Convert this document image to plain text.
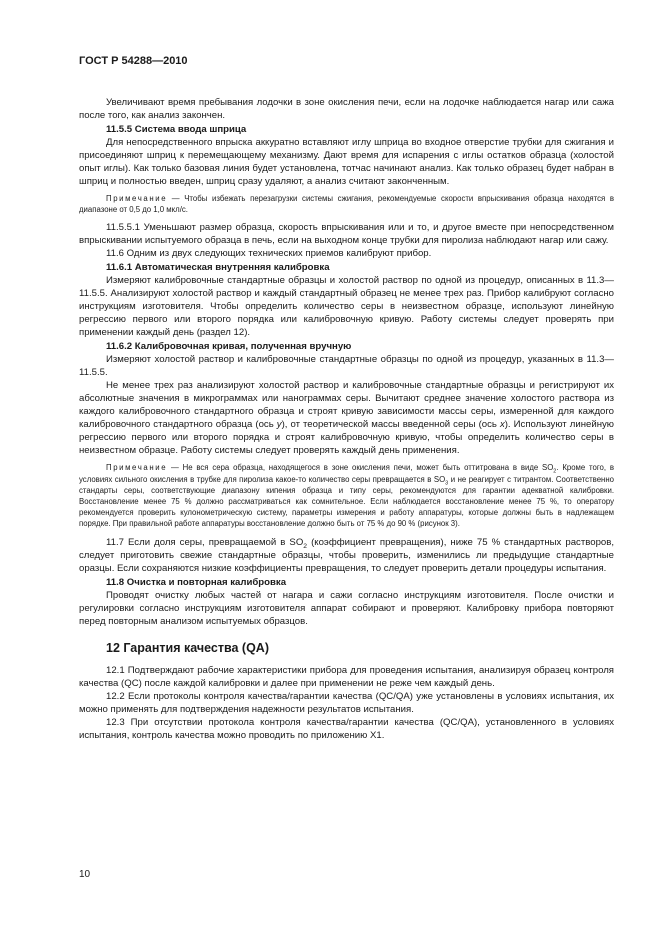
ГОСТ Р 54288—2010

Увеличивают время пребывания лодочки в зоне окисления печи, если на лодочке наблюдается нагар или сажа после того, как анализ закончен.

11.5.5 Система ввода шприца

Для непосредственного впрыска аккуратно вставляют иглу шприца во входное отверстие трубки для сжигания и присоединяют шприц к перемещающему механизму. Дают время для испарения с иглы остатков образца (холостой опыт иглы). Как только базовая линия будет установлена, тотчас начинают анализ. Как только образец будет набран в шприц и полностью введен, шприц сразу удаляют, а анализ считают законченным.

Примечание — Чтобы избежать перезагрузки системы сжигания, рекомендуемые скорости впрыскивания образца находятся в диапазоне от 0,5 до 1,0 мкл/с.

11.5.5.1 Уменьшают размер образца, скорость впрыскивания или и то, и другое вместе при непосредственном впрыскивании испытуемого образца в печь, если на выходном конце трубки для пиролиза наблюдают нагар или сажу.

11.6 Одним из двух следующих технических приемов калибруют прибор.

11.6.1 Автоматическая внутренняя калибровка

Измеряют калибровочные стандартные образцы и холостой раствор по одной из процедур, описанных в 11.3—11.5.5. Анализируют холостой раствор и каждый стандартный образец не менее трех раз. Прибор калибруют согласно инструкциям изготовителя. Чтобы определить количество серы в неизвестном образце, используют линейную регрессию первого или второго порядка или калибровочную кривую. Работу системы следует проверять при применении каждый день (раздел 12).

11.6.2 Калибровочная кривая, полученная вручную

Измеряют холостой раствор и калибровочные стандартные образцы по одной из процедур, указанных в 11.3—11.5.5.

Не менее трех раз анализируют холостой раствор и калибровочные стандартные образцы и регистрируют их абсолютные значения в микрограммах или нанограммах серы. Вычитают среднее значение холостого раствора из каждого калибровочного стандартного образца и строят кривую зависимости массы серы, измеренной для каждого калибровочного стандартного образца (ось у), от теоретической массы введенной серы (ось х). Используют линейную регрессию первого или второго порядка и строят калибровочную кривую, чтобы определить количество серы в неизвестном образце. Работу системы следует проверять каждый день применения.

Примечание — Не вся сера образца, находящегося в зоне окисления печи, может быть оттитрована в виде $SO_2$. Кроме того, в условиях сильного окисления в трубке для пиролиза какое-то количество серы превращается в $SO_3$ и не реагирует с титрантом. Соответственно стандарты серы, соответствующие диапазону кипения образца и типу серы, рекомендуются для гарантии адекватной калибровки. Восстановление менее 75 % должно рассматриваться как сомнительное. Если наблюдается восстановление менее 75 %, то оператору рекомендуется проверить кулонометрическую систему, параметры измерения и работу аппаратуры, которые должны быть в надлежащем порядке. При правильной работе аппаратуры восстановление должно быть от 75 % до 90 % (рисунок 3).

11.7 Если доля серы, превращаемой в $SO_2$ (коэффициент превращения), ниже 75 % стандартных растворов, следует приготовить свежие стандартные образцы, чтобы проверить, изменились ли предыдущие стандартные оразцы. Если сохраняются низкие коэффициенты превращения, то следует проверить детали процедуры испытания.

11.8 Очистка и повторная калибровка

Проводят очистку любых частей от нагара и сажи согласно инструкциям изготовителя. После очистки и регулировки согласно инструкциям изготовителя аппарат собирают и проверяют. Калибровку прибора повторяют перед повторным анализом испытуемых образцов.

12 Гарантия качества (QA)

12.1 Подтверждают рабочие характеристики прибора для проведения испытания, анализируя образец контроля качества (QC) после каждой калибровки и далее при применении не реже чем каждый день.

12.2 Если протоколы контроля качества/гарантии качества (QC/QA) уже установлены в условиях испытания, их можно применять для подтверждения надежности результатов испытания.

12.3 При отсутствии протокола контроля качества/гарантии качества (QC/QA), установленного в условиях испытания, контроль качества можно проводить по приложению Х1.

10
